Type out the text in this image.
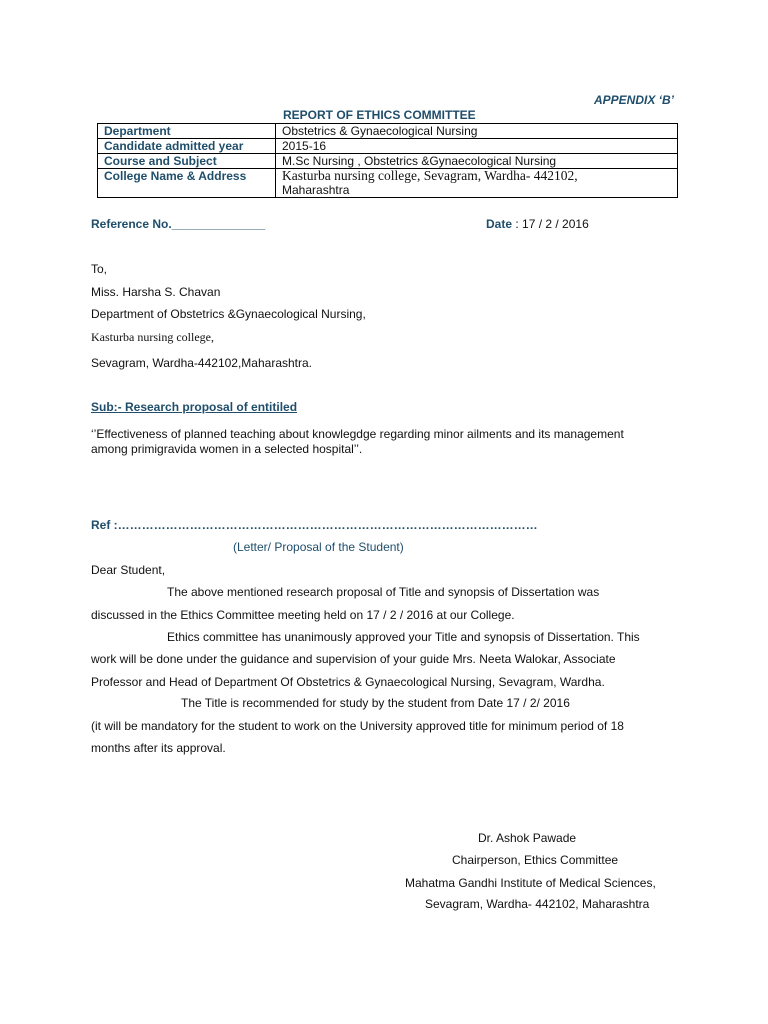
APPENDIX ‘B’
REPORT OF ETHICS COMMITTEE
Department	Obstetrics & Gynaecological Nursing
Candidate admitted year	2015-16
Course and Subject	M.Sc Nursing , Obstetrics &Gynaecological Nursing
College Name & Address	Kasturba nursing college, Sevagram, Wardha- 442102,
Maharashtra
Reference No.______________	Date : 17 / 2 / 2016
To,
Miss. Harsha S. Chavan
Department of Obstetrics &Gynaecological Nursing,
Kasturba nursing college,
Sevagram, Wardha-442102,Maharashtra.
Sub:- Research proposal of entitiled
‘’Effectiveness of planned teaching about knowlegdge regarding minor ailments and its management
among primigravida women in a selected hospital’’.
Ref :……………………………………………………………………………………………
(Letter/ Proposal of the Student)
Dear Student,
The above mentioned research proposal of Title and synopsis of Dissertation was
discussed in the Ethics Committee meeting held on 17 / 2 / 2016 at our College.
Ethics committee has unanimously approved your Title and synopsis of Dissertation. This
work will be done under the guidance and supervision of your guide Mrs. Neeta Walokar, Associate
Professor and Head of Department Of Obstetrics & Gynaecological Nursing, Sevagram, Wardha.
The Title is recommended for study by the student from Date 17 / 2/ 2016
(it will be mandatory for the student to work on the University approved title for minimum period of 18
months after its approval.
Dr. Ashok Pawade
Chairperson, Ethics Committee
Mahatma Gandhi Institute of Medical Sciences,
Sevagram, Wardha- 442102, Maharashtra
